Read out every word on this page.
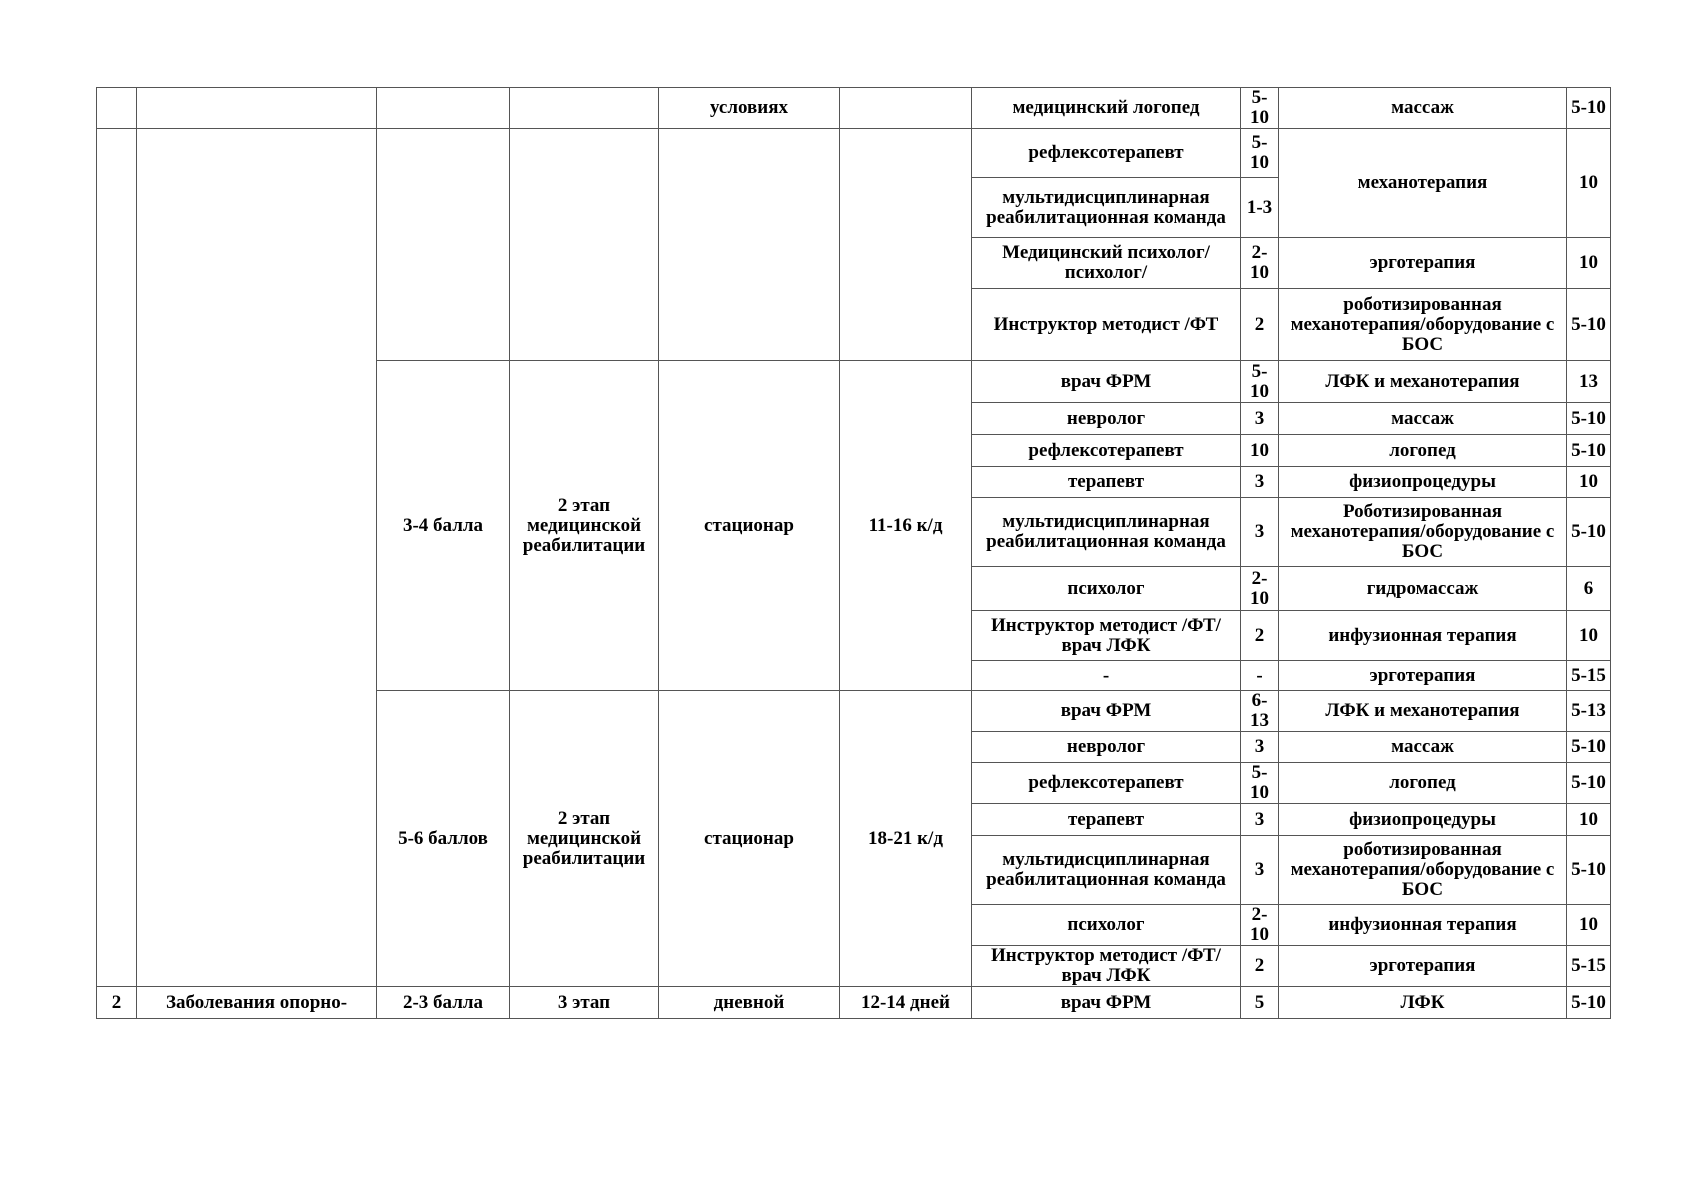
				условиях		медицинский логопед	5-10	массаж	5-10
						рефлексотерапевт	5-10	механотерапия	10
						мультидисциплинарная реабилитационная команда	1-3		
						Медицинский психолог/психолог/	2-10	эрготерапия	10
						Инструктор методист /ФТ	2	роботизированная механотерапия/оборудование с БОС	5-10
		3-4 балла	2 этап медицинской реабилитации	стационар	11-16 к/д	врач ФРМ	5-10	ЛФК и механотерапия	13
						невролог	3	массаж	5-10
						рефлексотерапевт	10	логопед	5-10
						терапевт	3	физиопроцедуры	10
						мультидисциплинарная реабилитационная команда	3	Роботизированная механотерапия/оборудование с БОС	5-10
						психолог	2-10	гидромассаж	6
						Инструктор методист /ФТ/врач ЛФК	2	инфузионная терапия	10
						-	-	эрготерапия	5-15
		5-6 баллов	2 этап медицинской реабилитации	стационар	18-21 к/д	врач ФРМ	6-13	ЛФК и механотерапия	5-13
						невролог	3	массаж	5-10
						рефлексотерапевт	5-10	логопед	5-10
						терапевт	3	физиопроцедуры	10
						мультидисциплинарная реабилитационная команда	3	роботизированная механотерапия/оборудование с БОС	5-10
						психолог	2-10	инфузионная терапия	10
						Инструктор методист /ФТ/врач ЛФК	2	эрготерапия	5-15
2	Заболевания опорно-	2-3 балла	3 этап	дневной	12-14 дней	врач ФРМ	5	ЛФК	5-10
